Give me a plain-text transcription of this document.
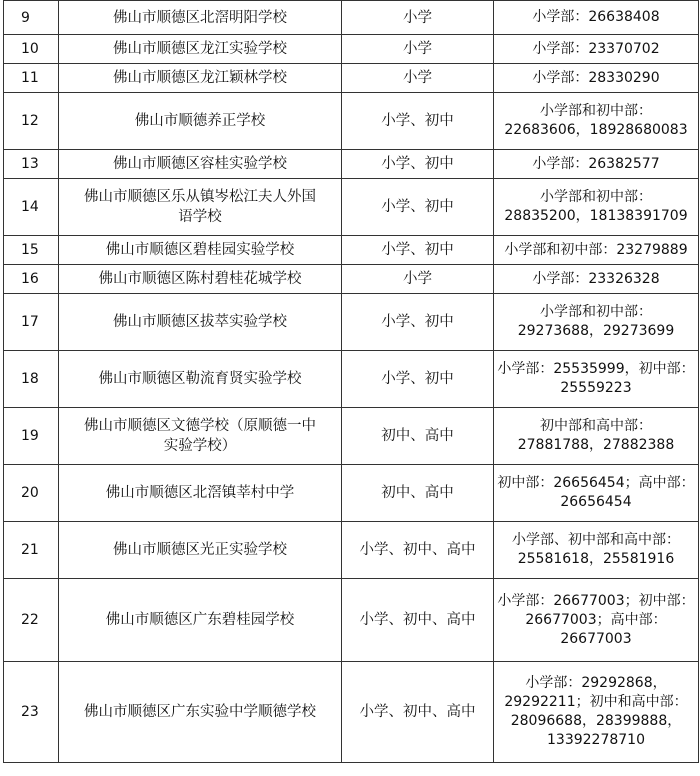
9	佛山市顺德区北滘明阳学校	小学	小学部：26638408
10	佛山市顺德区龙江实验学校	小学	小学部：23370702
11	佛山市顺德区龙江颖林学校	小学	小学部：28330290
12	佛山市顺德养正学校	小学、初中	小学部和初中部：
22683606，18928680083
13	佛山市顺德区容桂实验学校	小学、初中	小学部：26382577
14	佛山市顺德区乐从镇岑松江夫人外国
语学校	小学、初中	小学部和初中部：
28835200，18138391709
15	佛山市顺德区碧桂园实验学校	小学、初中	小学部和初中部：23279889
16	佛山市顺德区陈村碧桂花城学校	小学	小学部：23326328
17	佛山市顺德区拔萃实验学校	小学、初中	小学部和初中部：
29273688，29273699
18	佛山市顺德区勒流育贤实验学校	小学、初中	小学部：25535999，初中部：
25559223
19	佛山市顺德区文德学校（原顺德一中
实验学校）	初中、高中	初中部和高中部：
27881788，27882388
20	佛山市顺德区北滘镇莘村中学	初中、高中	初中部：26656454；高中部：
26656454
21	佛山市顺德区光正实验学校	小学、初中、高中	小学部、初中部和高中部：
25581618，25581916
22	佛山市顺德区广东碧桂园学校	小学、初中、高中	小学部：26677003；初中部：
26677003；高中部：
26677003
23	佛山市顺德区广东实验中学顺德学校	小学、初中、高中	小学部：29292868，
29292211；初中和高中部：
28096688，28399888，
13392278710
